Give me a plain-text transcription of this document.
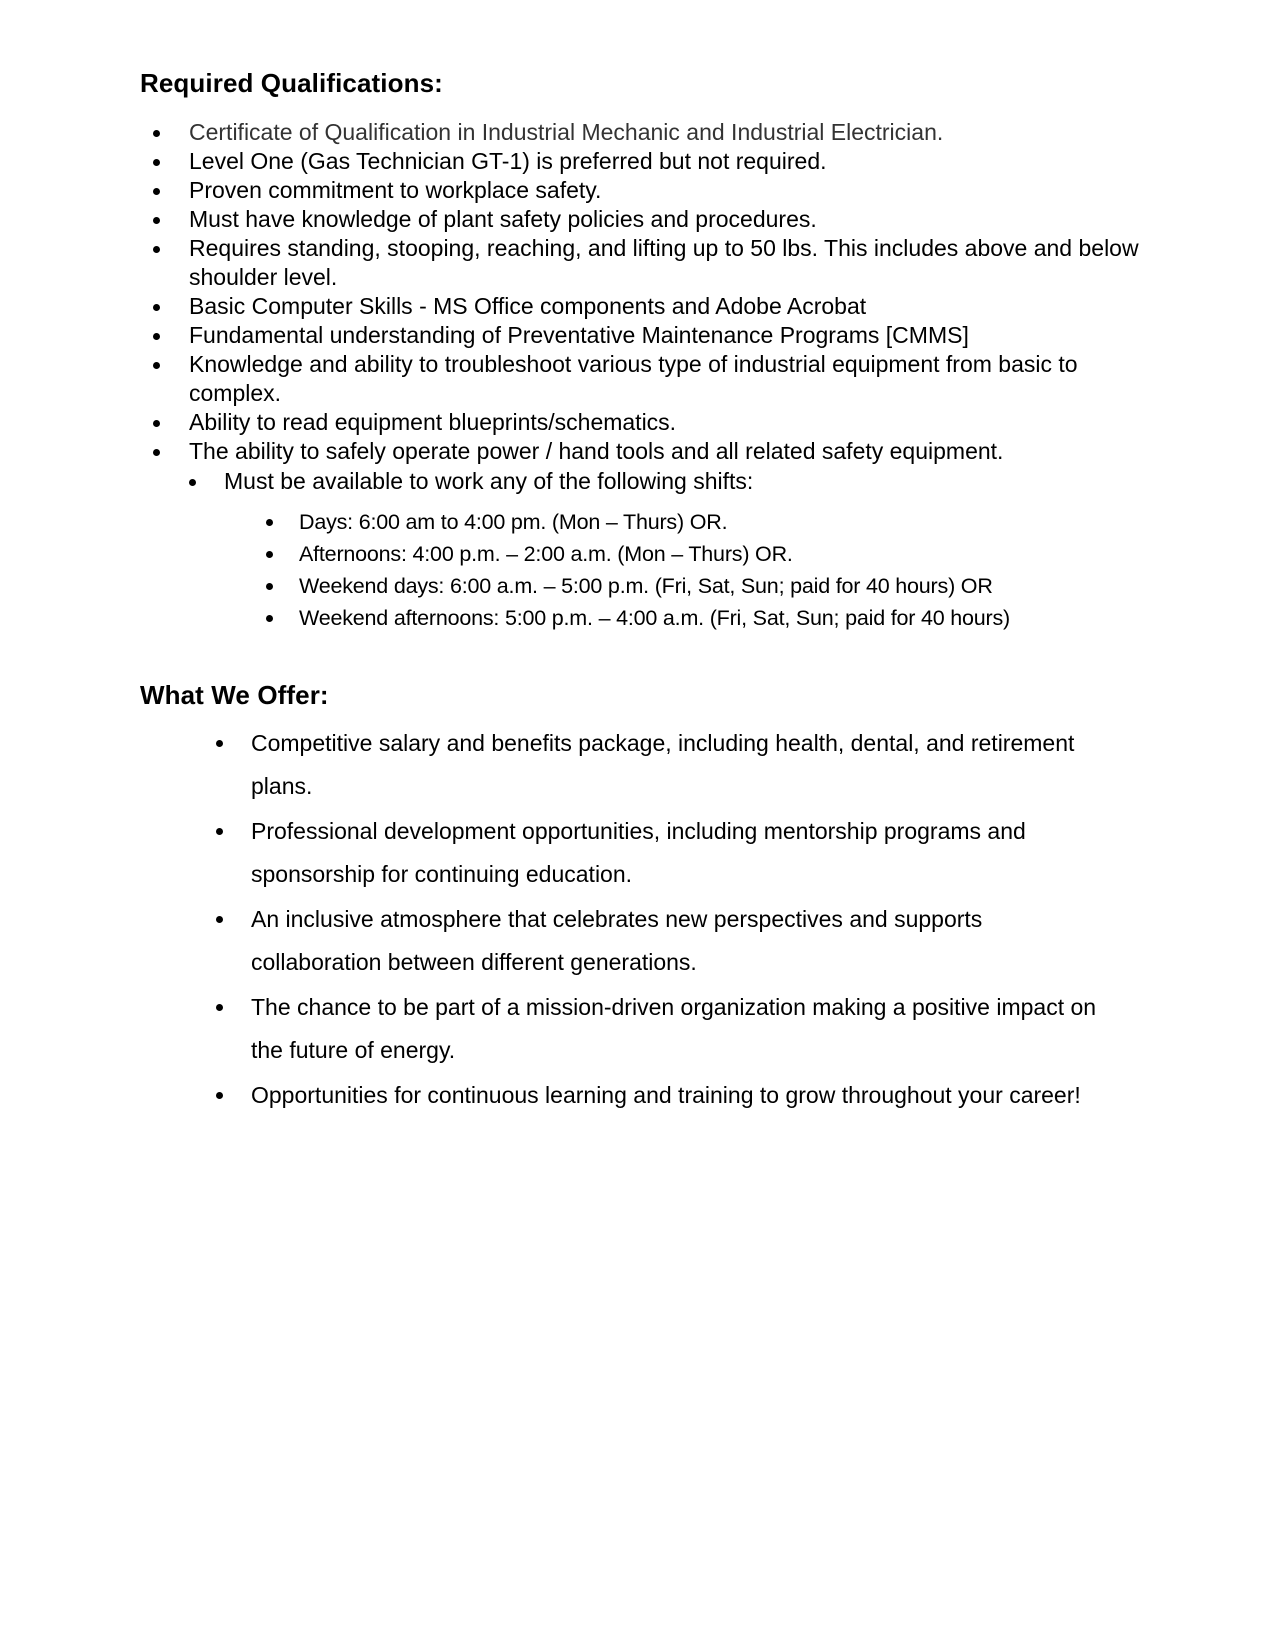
Required Qualifications:
Certificate of Qualification in Industrial Mechanic and Industrial Electrician.
Level One (Gas Technician GT-1) is preferred but not required.
Proven commitment to workplace safety.
Must have knowledge of plant safety policies and procedures.
Requires standing, stooping, reaching, and lifting up to 50 lbs. This includes above and below shoulder level.
Basic Computer Skills - MS Office components and Adobe Acrobat
Fundamental understanding of Preventative Maintenance Programs [CMMS]
Knowledge and ability to troubleshoot various type of industrial equipment from basic to complex.
Ability to read equipment blueprints/schematics.
The ability to safely operate power / hand tools and all related safety equipment.
Must be available to work any of the following shifts:
Days: 6:00 am to 4:00 pm. (Mon – Thurs) OR.
Afternoons: 4:00 p.m. – 2:00 a.m. (Mon – Thurs) OR.
Weekend days: 6:00 a.m. – 5:00 p.m. (Fri, Sat, Sun; paid for 40 hours) OR
Weekend afternoons: 5:00 p.m. – 4:00 a.m. (Fri, Sat, Sun; paid for 40 hours)
What We Offer:
Competitive salary and benefits package, including health, dental, and retirement plans.
Professional development opportunities, including mentorship programs and sponsorship for continuing education.
An inclusive atmosphere that celebrates new perspectives and supports collaboration between different generations.
The chance to be part of a mission-driven organization making a positive impact on the future of energy.
Opportunities for continuous learning and training to grow throughout your career!
